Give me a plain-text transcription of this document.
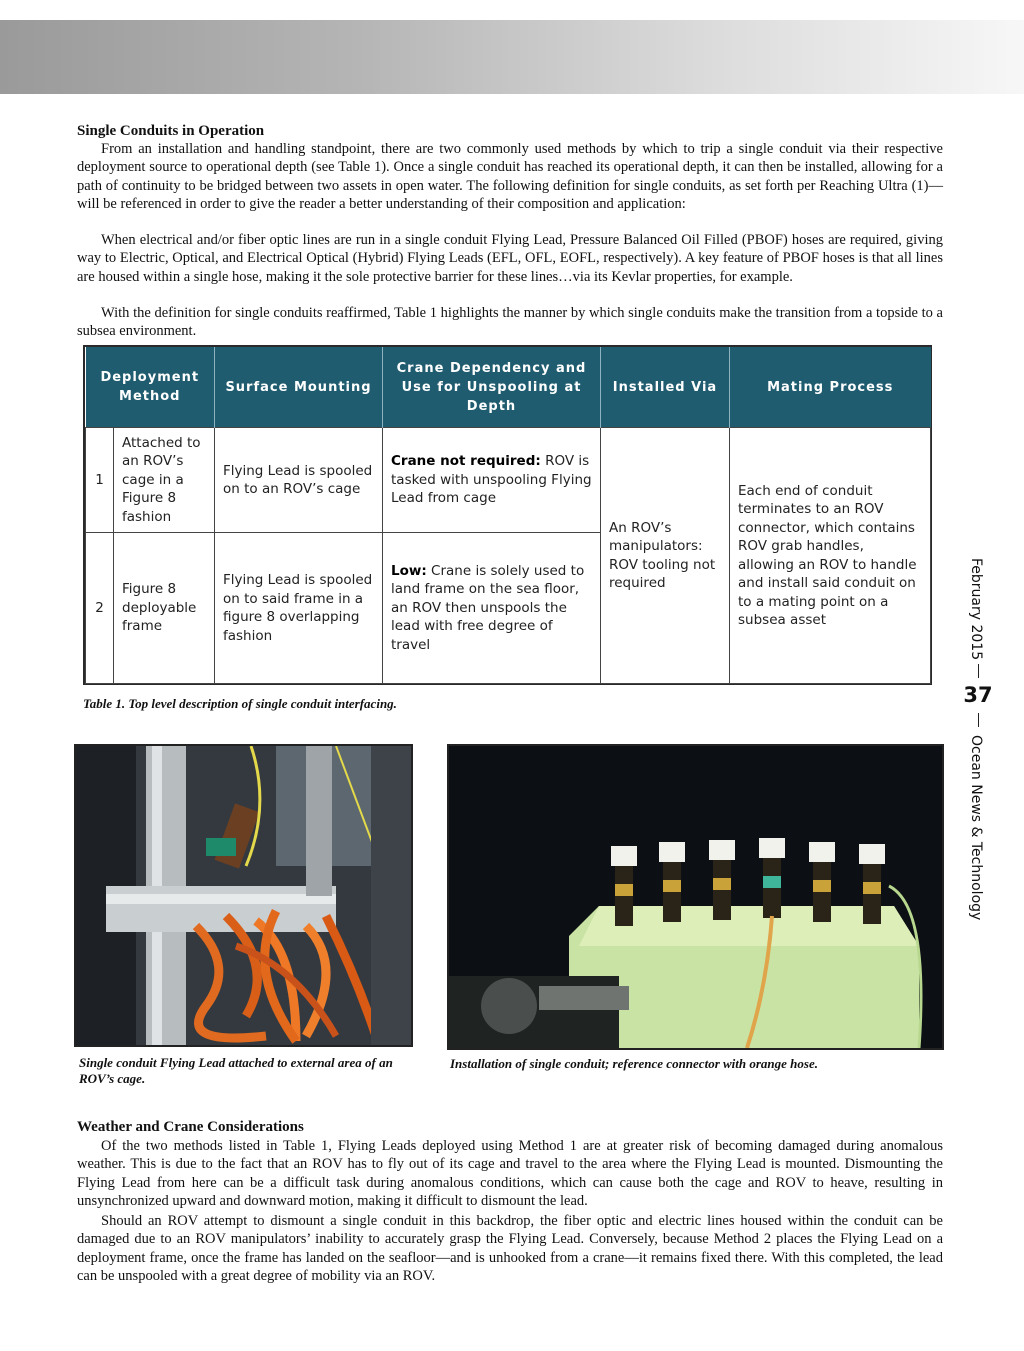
Single Conduits in Operation

From an installation and handling standpoint, there are two commonly used methods by which to trip a single conduit via their respective deployment source to operational depth (see Table 1). Once a single conduit has reached its operational depth, it can then be installed, allowing for a path of continuity to be bridged between two assets in open water. The following definition for single conduits, as set forth per Reaching Ultra (1)—will be referenced in order to give the reader a better understanding of their composition and application:

When electrical and/or fiber optic lines are run in a single conduit Flying Lead, Pressure Balanced Oil Filled (PBOF) hoses are required, giving way to Electric, Optical, and Electrical Optical (Hybrid) Flying Leads (EFL, OFL, EOFL, respectively). A key feature of PBOF hoses is that all lines are housed within a single hose, making it the sole protective barrier for these lines…via its Kevlar properties, for example.

With the definition for single conduits reaffirmed, Table 1 highlights the manner by which single conduits make the transition from a topside to a subsea environment.

Deployment Method		Surface Mounting	Crane Dependency and Use for Unspooling at Depth	Installed Via	Mating Process
1	Attached to an ROV’s cage in a Figure 8 fashion	Flying Lead is spooled on to an ROV’s cage	Crane not required: ROV is tasked with unspooling Flying Lead from cage	An ROV’s manipulators: ROV tooling not required	Each end of conduit terminates to an ROV connector, which contains ROV grab handles, allowing an ROV to handle and install said conduit on to a mating point on a subsea asset
2	Figure 8 deployable frame	Flying Lead is spooled on to said frame in a figure 8 overlapping fashion	Low: Crane is solely used to land frame on the sea floor, an ROV then unspools the lead with free degree of travel		
Table 1. Top level description of single conduit interfacing.
Single conduit Flying Lead attached to external area of an ROV’s cage.
Installation of single conduit; reference connector with orange hose.
Weather and Crane Considerations

Of the two methods listed in Table 1, Flying Leads deployed using Method 1 are at greater risk of becoming damaged during anomalous weather. This is due to the fact that an ROV has to fly out of its cage and travel to the area where the Flying Lead is mounted. Dismounting the Flying Lead from here can be a difficult task during anomalous conditions, which can cause both the cage and ROV to heave, resulting in unsynchronized upward and downward motion, making it difficult to dismount the lead.

Should an ROV attempt to dismount a single conduit in this backdrop, the fiber optic and electric lines housed within the conduit can be damaged due to an ROV manipulators’ inability to accurately grasp the Flying Lead. Conversely, because Method 2 places the Flying Lead on a deployment frame, once the frame has landed on the seafloor—and is unhooked from a crane—it remains fixed there. With this completed, the lead can be unspooled with a great degree of mobility via an ROV.

February 2015
37
Ocean News & Technology
